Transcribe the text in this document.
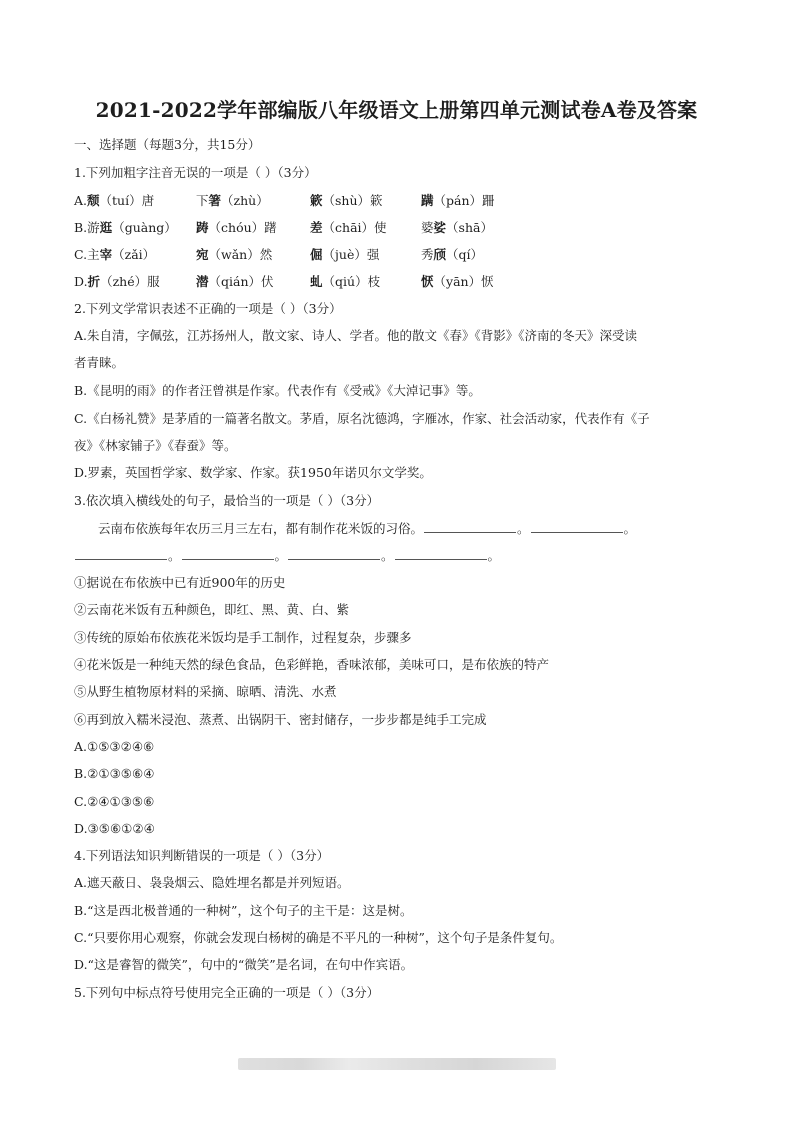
2021-2022学年部编版八年级语文上册第四单元测试卷A卷及答案
一、选择题（每题3分，共15分）
1.下列加粗字注音无误的一项是（ ）（3分）
A.颓（tuí）唐	下箸（zhù）	簌（shù）簌	蹒（pán）跚
B.游逛（guàng） 踌（chóu）躇	差（chāi）使	婆娑（shā）
C.主宰（zǎi）	宛（wǎn）然	倔（juè）强	秀颀（qí）
D.折（zhé）服	潜（qián）伏	虬（qiú）枝	恹（yān）恹
2.下列文学常识表述不正确的一项是（ ）（3分）
A.朱自清，字佩弦，江苏扬州人，散文家、诗人、学者。他的散文《春》《背影》《济南的冬天》深受读
者青睐。
B.《昆明的雨》的作者汪曾祺是作家。代表作有《受戒》《大淖记事》等。
C.《白杨礼赞》是茅盾的一篇著名散文。茅盾，原名沈德鸿，字雁冰，作家、社会活动家，代表作有《子
夜》《林家铺子》《春蚕》等。
D.罗素，英国哲学家、数学家、作家。获1950年诺贝尔文学奖。
3.依次填入横线处的句子，最恰当的一项是（ ）（3分）
云南布依族每年农历三月三左右，都有制作花米饭的习俗。	。	。
。	。	。	。
①据说在布依族中已有近900年的历史
②云南花米饭有五种颜色，即红、黑、黄、白、紫
③传统的原始布依族花米饭均是手工制作，过程复杂，步骤多
④花米饭是一种纯天然的绿色食品，色彩鲜艳，香味浓郁，美味可口，是布依族的特产
⑤从野生植物原材料的采摘、晾晒、清洗、水煮
⑥再到放入糯米浸泡、蒸煮、出锅阴干、密封储存，一步步都是纯手工完成
A.①⑤③②④⑥
B.②①③⑤⑥④
C.②④①③⑤⑥
D.③⑤⑥①②④
4.下列语法知识判断错误的一项是（ ）（3分）
A.遮天蔽日、袅袅烟云、隐姓埋名都是并列短语。
B.“这是西北极普通的一种树”，这个句子的主干是：这是树。
C.“只要你用心观察，你就会发现白杨树的确是不平凡的一种树”，这个句子是条件复句。
D.“这是睿智的微笑”，句中的“微笑”是名词，在句中作宾语。
5.下列句中标点符号使用完全正确的一项是（ ）（3分）
